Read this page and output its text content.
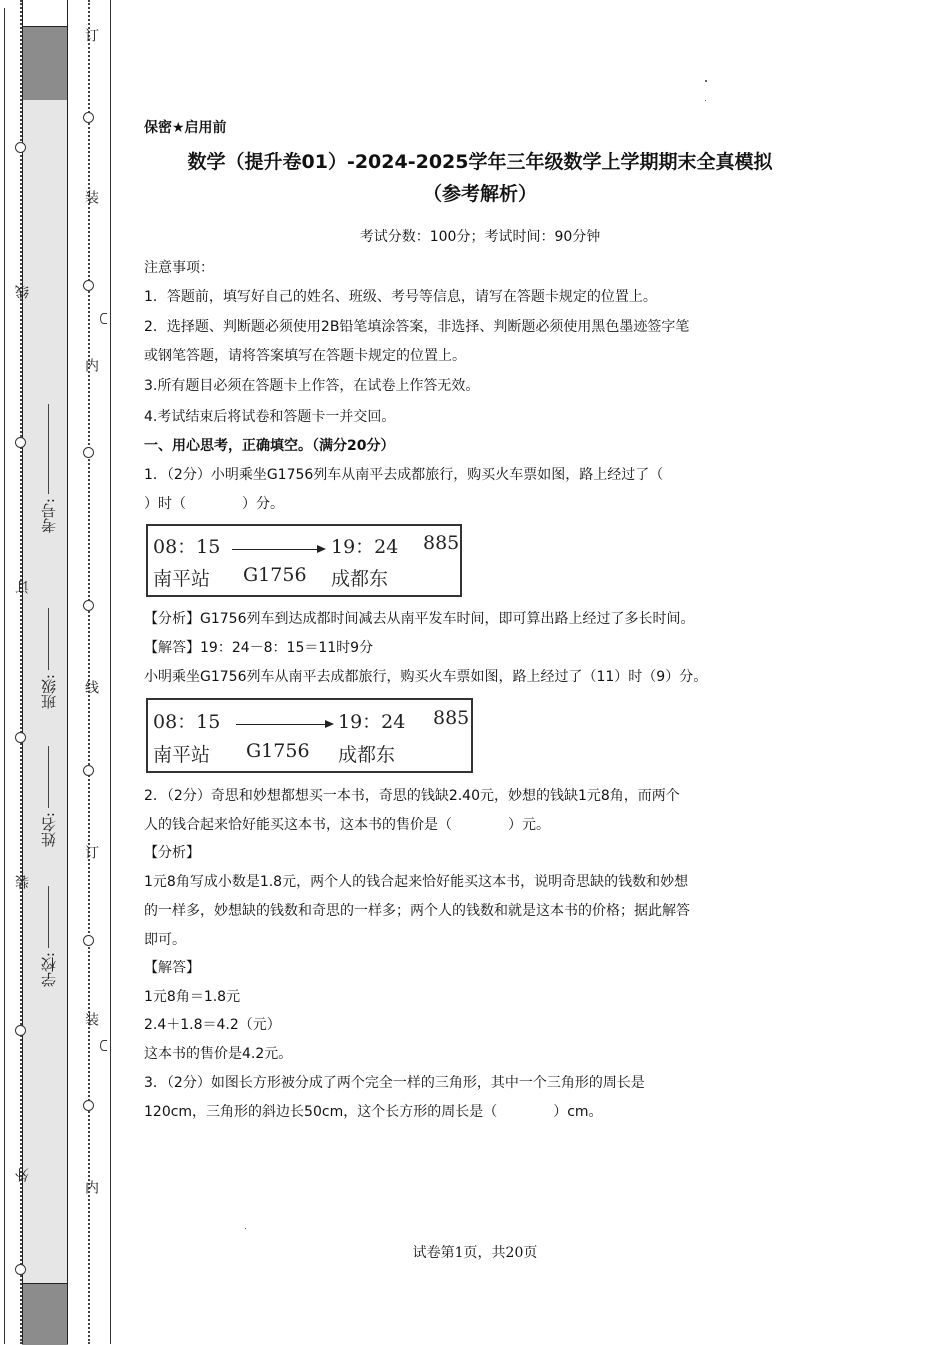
线
订
装
外
订
装
内
线
订
装
内
学校:
姓名:
班级:
考号:
保密★启用前
数学（提升卷01）-2024-2025学年三年级数学上学期期末全真模拟
（参考解析）
考试分数：100分；考试时间：90分钟
注意事项：
1．答题前，填写好自己的姓名、班级、考号等信息，请写在答题卡规定的位置上。
2．选择题、判断题必须使用2B铅笔填涂答案，非选择、判断题必须使用黑色墨迹签字笔
或钢笔答题，请将答案填写在答题卡规定的位置上。
3.所有题目必须在答题卡上作答，在试卷上作答无效。
4.考试结束后将试卷和答题卡一并交回。
一、用心思考，正确填空。（满分20分）
1．（2分）小明乘坐G1756列车从南平去成都旅行，购买火车票如图，路上经过了（
）时（　　　　）分。
08：15	19：24 885
南平站 G1756 成都东
【分析】G1756列车到达成都时间减去从南平发车时间，即可算出路上经过了多长时间。
【解答】19：24－8：15＝11时9分
小明乘坐G1756列车从南平去成都旅行，购买火车票如图，路上经过了（11）时（9）分。
08：15	19：24 885
南平站 G1756 成都东
2．（2分）奇思和妙想都想买一本书，奇思的钱缺2.40元，妙想的钱缺1元8角，而两个
人的钱合起来恰好能买这本书，这本书的售价是（　　　　）元。
【分析】
1元8角写成小数是1.8元，两个人的钱合起来恰好能买这本书，说明奇思缺的钱数和妙想
的一样多，妙想缺的钱数和奇思的一样多；两个人的钱数和就是这本书的价格；据此解答
即可。
【解答】
1元8角＝1.8元
2.4＋1.8＝4.2（元）
这本书的售价是4.2元。
3．（2分）如图长方形被分成了两个完全一样的三角形，其中一个三角形的周长是
120cm，三角形的斜边长50cm，这个长方形的周长是（　　　　）cm。
试卷第1页，共20页
